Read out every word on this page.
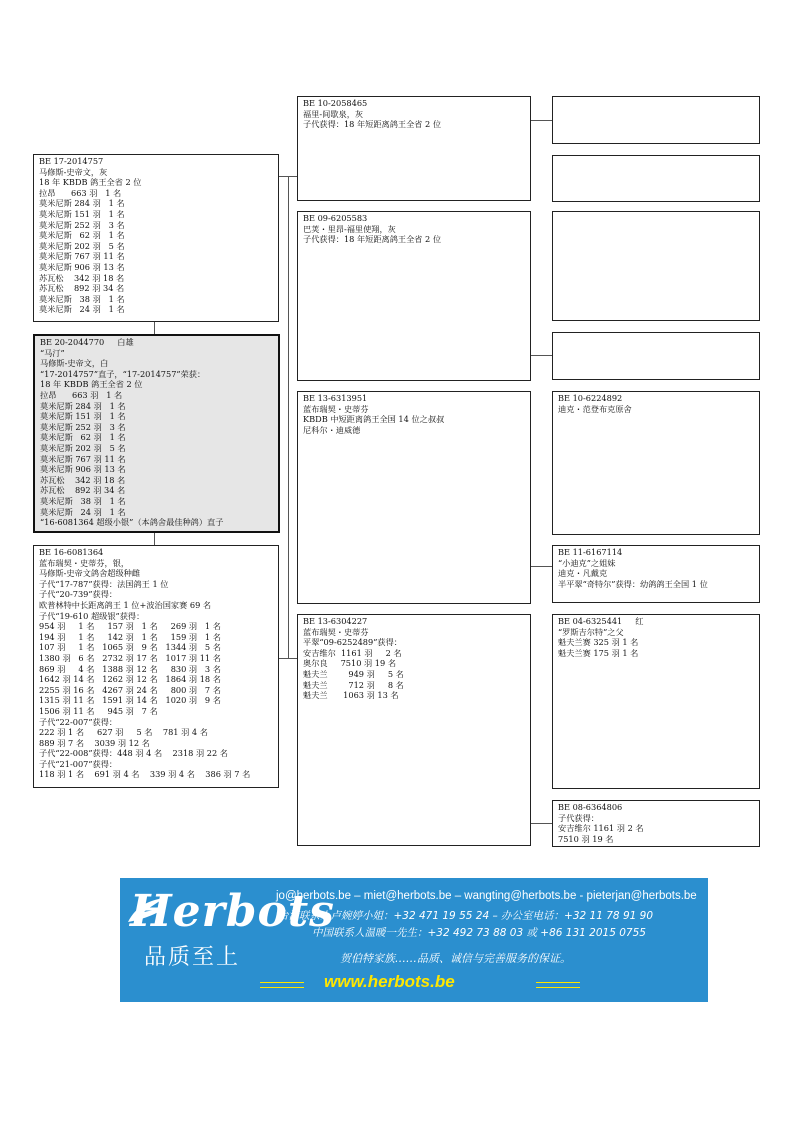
BE 17-2014757
马修斯-史帝文，灰
18 年 KBDB 鸽王全省 2 位
拉昂      663 羽   1 名
莫米尼斯 284 羽   1 名
莫米尼斯 151 羽   1 名
莫米尼斯 252 羽   3 名
莫米尼斯   62 羽   1 名
莫米尼斯 202 羽   5 名
莫米尼斯 767 羽 11 名
莫米尼斯 906 羽 13 名
苏瓦松    342 羽 18 名
苏瓦松    892 羽 34 名
莫米尼斯   38 羽   1 名
莫米尼斯   24 羽   1 名
BE 20-2044770     白雄
“马汀”
马修斯-史帝文，白
“17-2014757”直子，“17-2014757”荣获：
18 年 KBDB 鸽王全省 2 位
拉昂      663 羽   1 名
莫米尼斯 284 羽   1 名
莫米尼斯 151 羽   1 名
莫米尼斯 252 羽   3 名
莫米尼斯   62 羽   1 名
莫米尼斯 202 羽   5 名
莫米尼斯 767 羽 11 名
莫米尼斯 906 羽 13 名
苏瓦松    342 羽 18 名
苏瓦松    892 羽 34 名
莫米尼斯   38 羽   1 名
莫米尼斯   24 羽   1 名
“16-6081364 超级小银”（本鸽舍最佳种鸽）直子
BE 16-6081364
蓝布瑞契・史蒂芬，银，
马修斯-史帝文鸽舍超级种雌
子代“17-787”获得：法国鸽王 1 位
子代“20-739”获得：
欧普林特中长距离鸽王 1 位+波治国家赛 69 名
子代“19-610 超级银”获得：
954 羽     1 名     157 羽   1 名     269 羽   1 名
194 羽     1 名     142 羽   1 名     159 羽   1 名
107 羽     1 名   1065 羽   9 名   1344 羽   5 名
1380 羽   6 名   2732 羽 17 名   1017 羽 11 名
869 羽     4 名   1388 羽 12 名     830 羽   3 名
1642 羽 14 名   1262 羽 12 名   1864 羽 18 名
2255 羽 16 名   4267 羽 24 名     800 羽   7 名
1315 羽 11 名   1591 羽 14 名   1020 羽   9 名
1506 羽 11 名     945 羽   7 名
子代“22-007”获得：
222 羽 1 名     627 羽     5 名    781 羽 4 名
889 羽 7 名    3039 羽 12 名
子代“22-008”获得：448 羽 4 名    2318 羽 22 名
子代“21-007”获得：
118 羽 1 名    691 羽 4 名    339 羽 4 名    386 羽 7 名
BE 10-2058465
福里-间歇泉，灰
子代获得：18 年短距离鸽王全省 2 位
BE 09-6205583
巴荚・里昂-福里使翔，灰
子代获得：18 年短距离鸽王全省 2 位
BE 13-6313951
蓝布瑞契・史蒂芬
KBDB 中短距离鸽王全国 14 位之叔叔
尼科尔・迪威德
BE 13-6304227
蓝布瑞契・史蒂芬
平翠“09-6252489”获得：
安吉维尔  1161 羽     2 名
奥尔良     7510 羽 19 名
魁夫兰        949 羽     5 名
魁夫兰        712 羽     8 名
魁夫兰      1063 羽 13 名
BE 10-6224892
迪克・范登布克原舍
BE 11-6167114
“小迪克”之姐妹
迪克・凡戴克
半平翠“奇特尔”获得：幼鸽鸽王全国 1 位
BE 04-6325441     红
“罗斯吉尔特”之父
魁夫兰赛 325 羽 1 名
魁夫兰赛 175 羽 1 名
BE 08-6364806
子代获得：
安吉维尔 1161 羽 2 名
7510 羽 19 名
Herbots
品质至上
jo@herbots.be – miet@herbots.be – wangting@herbots.be - pieterjan@herbots.be
台湾联系人卢婉婷小姐：+32 471 19 55 24 – 办公室电话：+32 11 78 91 90
中国联系人温暖一先生：+32 492 73 88 03 或 +86 131 2015 0755
贺伯特家族……品质、诚信与完善服务的保证。
www.herbots.be
